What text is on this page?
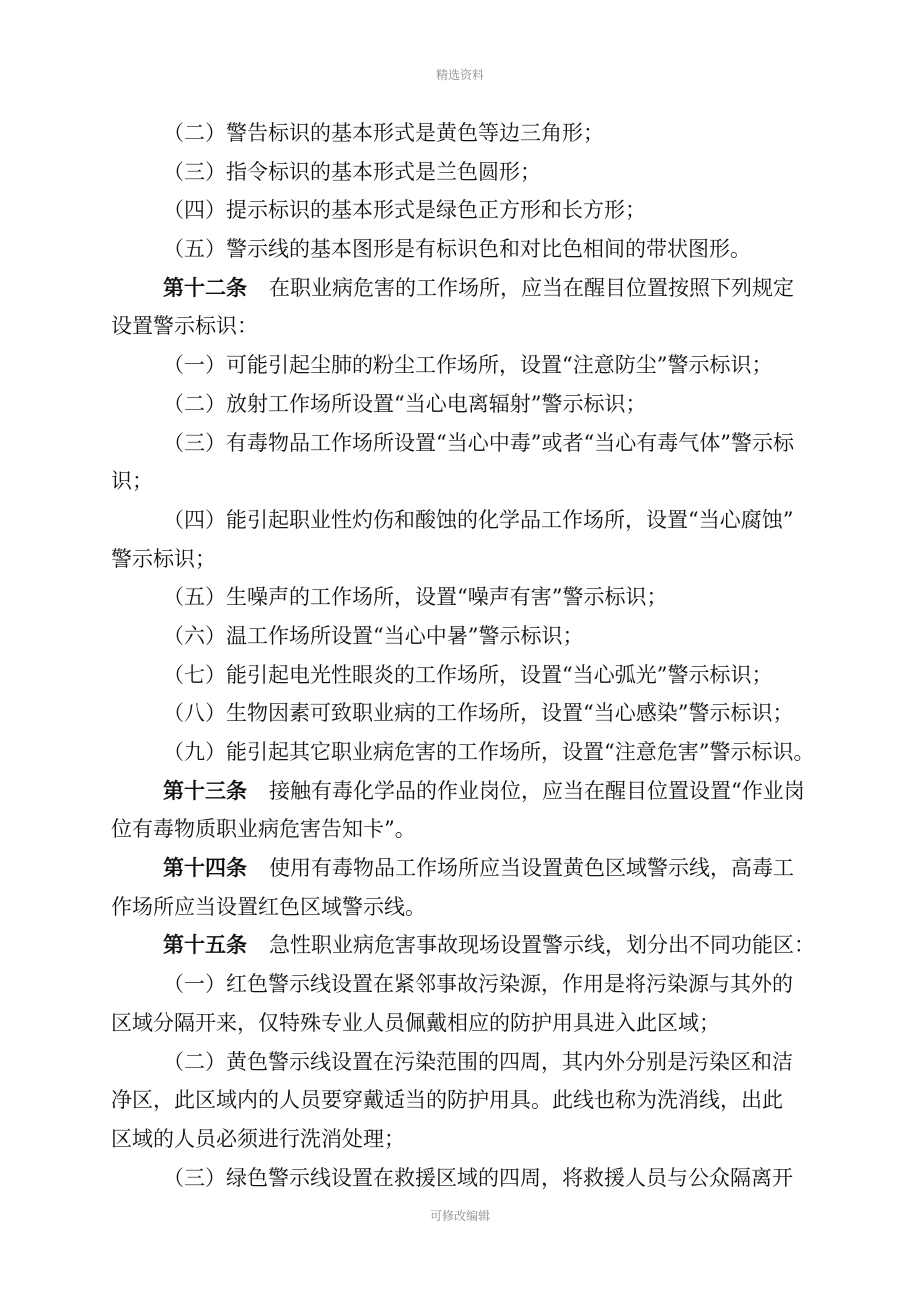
精选资料
（二）警告标识的基本形式是黄色等边三角形；
（三）指令标识的基本形式是兰色圆形；
（四）提示标识的基本形式是绿色正方形和长方形；
（五）警示线的基本图形是有标识色和对比色相间的带状图形。
第十二条 在职业病危害的工作场所，应当在醒目位置按照下列规定
设置警示标识：
（一）可能引起尘肺的粉尘工作场所，设置“注意防尘”警示标识；
（二）放射工作场所设置“当心电离辐射”警示标识；
（三）有毒物品工作场所设置“当心中毒”或者“当心有毒气体”警示标
识；
（四）能引起职业性灼伤和酸蚀的化学品工作场所，设置“当心腐蚀”
警示标识；
（五）生噪声的工作场所，设置“噪声有害”警示标识；
（六）温工作场所设置“当心中暑”警示标识；
（七）能引起电光性眼炎的工作场所，设置“当心弧光”警示标识；
（八）生物因素可致职业病的工作场所，设置“当心感染”警示标识；
（九）能引起其它职业病危害的工作场所，设置“注意危害”警示标识。
第十三条 接触有毒化学品的作业岗位，应当在醒目位置设置“作业岗
位有毒物质职业病危害告知卡”。
第十四条 使用有毒物品工作场所应当设置黄色区域警示线，高毒工
作场所应当设置红色区域警示线。
第十五条 急性职业病危害事故现场设置警示线，划分出不同功能区：
（一）红色警示线设置在紧邻事故污染源，作用是将污染源与其外的
区域分隔开来，仅特殊专业人员佩戴相应的防护用具进入此区域；
（二）黄色警示线设置在污染范围的四周，其内外分别是污染区和洁
净区，此区域内的人员要穿戴适当的防护用具。此线也称为洗消线，出此
区域的人员必须进行洗消处理；
（三）绿色警示线设置在救援区域的四周，将救援人员与公众隔离开
可修改编辑
